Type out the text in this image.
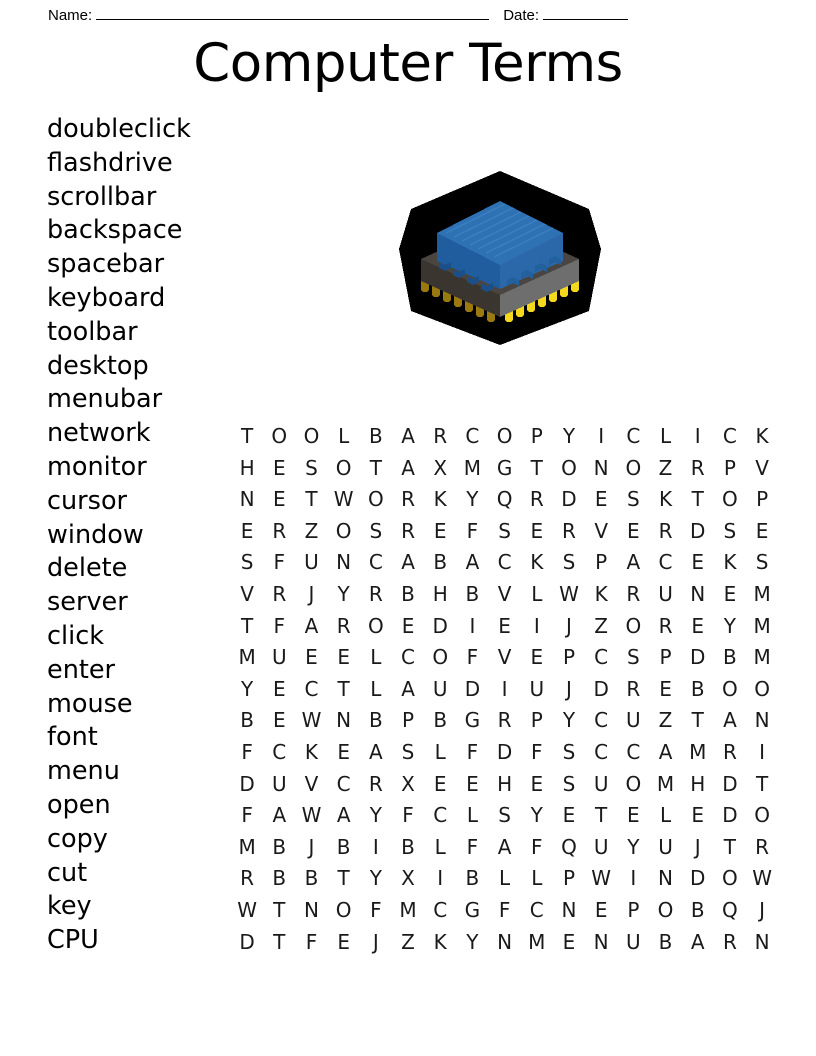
Name:	Date:
Computer Terms
doubleclick
flashdrive
scrollbar
backspace
spacebar
keyboard
toolbar
desktop
menubar
network
monitor
cursor
window
delete
server
click
enter
mouse
font
menu
open
copy
cut
key
CPU
T O O L B A R C O P	Y	I	C L	I	C K
H E S O T A X M G T O N O Z R P V
N E T W O R K Y Q R D E S K T O P
E R Z O S R E	F	S E R V E R D S E
S	F U N C A B A C K S P A C E K S
V R	J	Y R B H B V L W K R U N E M
T	F A R O E D	I	E	I	J	Z O R E Y M
M U E E	L C O F V E P C S P D B M
Y E C T	L A U D	I	U	J	D R E B O O
B E W N B P B G R P	Y C U Z T A N
F C K E A S	L	F D F	S C C A M R	I
D U V C R X E E H E S U O M H D T
F A W A Y	F C L	S Y E T E	L	E D O
M B	J	B	I	B L	F A F Q U Y U	J	T R
R B B T Y X	I	B L	L	P W I	N D O W
W T N O F M C G F C N E P O B Q	J
D T	F	E	J	Z K Y N M E N U B A R N
